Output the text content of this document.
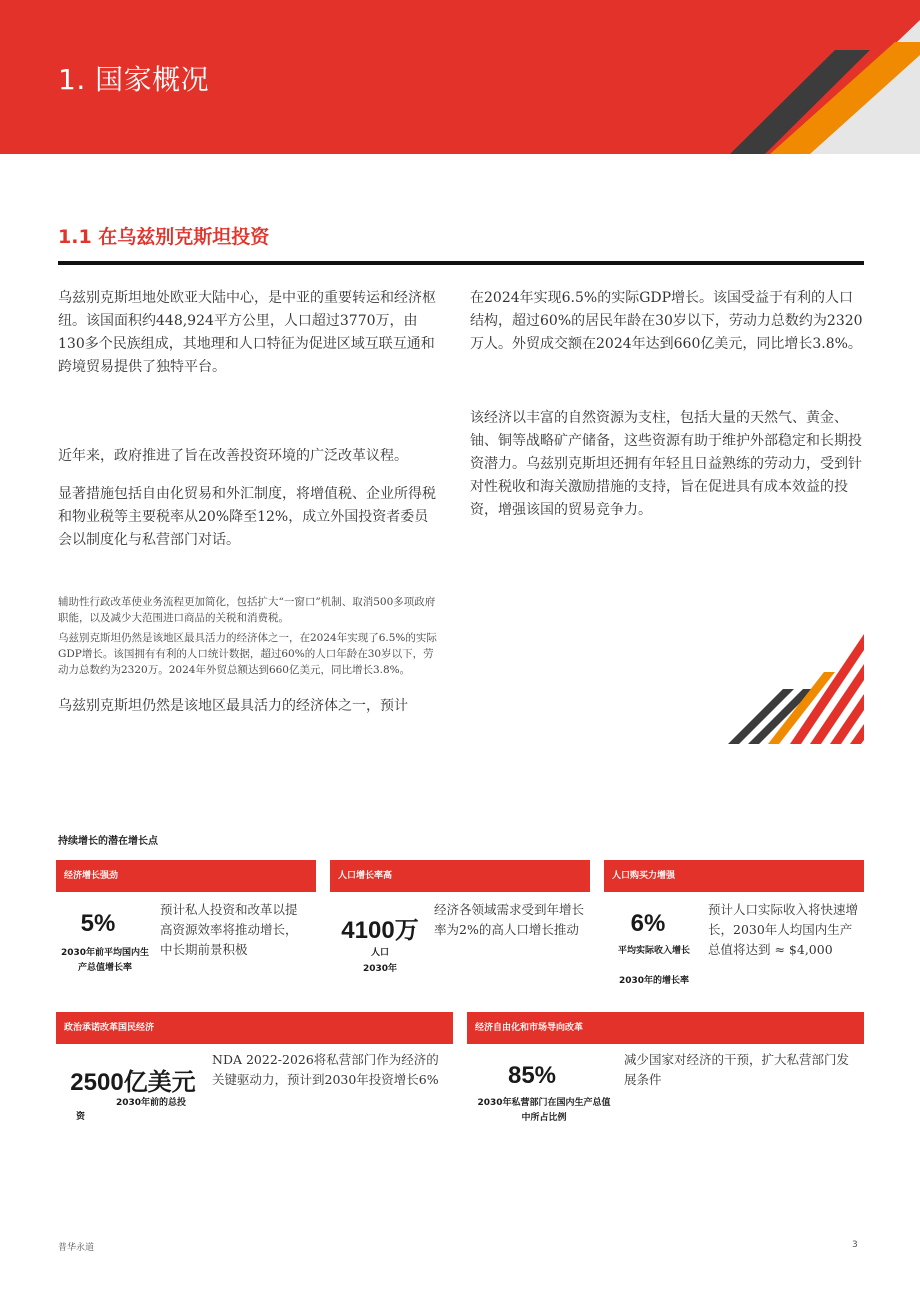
1. 国家概况
1.1 在乌兹别克斯坦投资
乌兹别克斯坦地处欧亚大陆中心，是中亚的重要转运和经济枢纽。该国面积约448,924平方公里，人口超过3770万，由130多个民族组成，其地理和人口特征为促进区域互联互通和跨境贸易提供了独特平台。
近年来，政府推进了旨在改善投资环境的广泛改革议程。
显著措施包括自由化贸易和外汇制度，将增值税、企业所得税和物业税等主要税率从20%降至12%，成立外国投资者委员会以制度化与私营部门对话。
辅助性行政改革使业务流程更加简化，包括扩大“一窗口”机制、取消500多项政府职能，以及减少大范围进口商品的关税和消费税。
乌兹别克斯坦仍然是该地区最具活力的经济体之一，在2024年实现了6.5%的实际GDP增长。该国拥有有利的人口统计数据，超过60%的人口年龄在30岁以下，劳动力总数约为2320万。2024年外贸总额达到660亿美元，同比增长3.8%。
乌兹别克斯坦仍然是该地区最具活力的经济体之一，预计
在2024年实现6.5%的实际GDP增长。该国受益于有利的人口结构，超过60%的居民年龄在30岁以下，劳动力总数约为2320万人。外贸成交额在2024年达到660亿美元，同比增长3.8%。
该经济以丰富的自然资源为支柱，包括大量的天然气、黄金、铀、铜等战略矿产储备，这些资源有助于维护外部稳定和长期投资潜力。乌兹别克斯坦还拥有年轻且日益熟练的劳动力，受到针对性税收和海关激励措施的支持，旨在促进具有成本效益的投资，增强该国的贸易竞争力。
持续增长的潜在增长点
经济增长强劲
5%
2030年前平均国内生产总值增长率
预计私人投资和改革以提高资源效率将推动增长，中长期前景积极
人口增长率高
4100万
人口
2030年
经济各领域需求受到年增长率为2%的高人口增长推动
人口购买力增强
6%
平均实际收入增长
2030年的增长率
预计人口实际收入将快速增长，2030年人均国内生产总值将达到 ≈ $4,000
政治承诺改革国民经济
2500亿美元
2030年前的总投
资
NDA 2022-2026将私营部门作为经济的关键驱动力，预计到2030年投资增长6%
经济自由化和市场导向改革
85%
2030年私营部门在国内生产总值中所占比例
减少国家对经济的干预，扩大私营部门发展条件
普华永道	3
